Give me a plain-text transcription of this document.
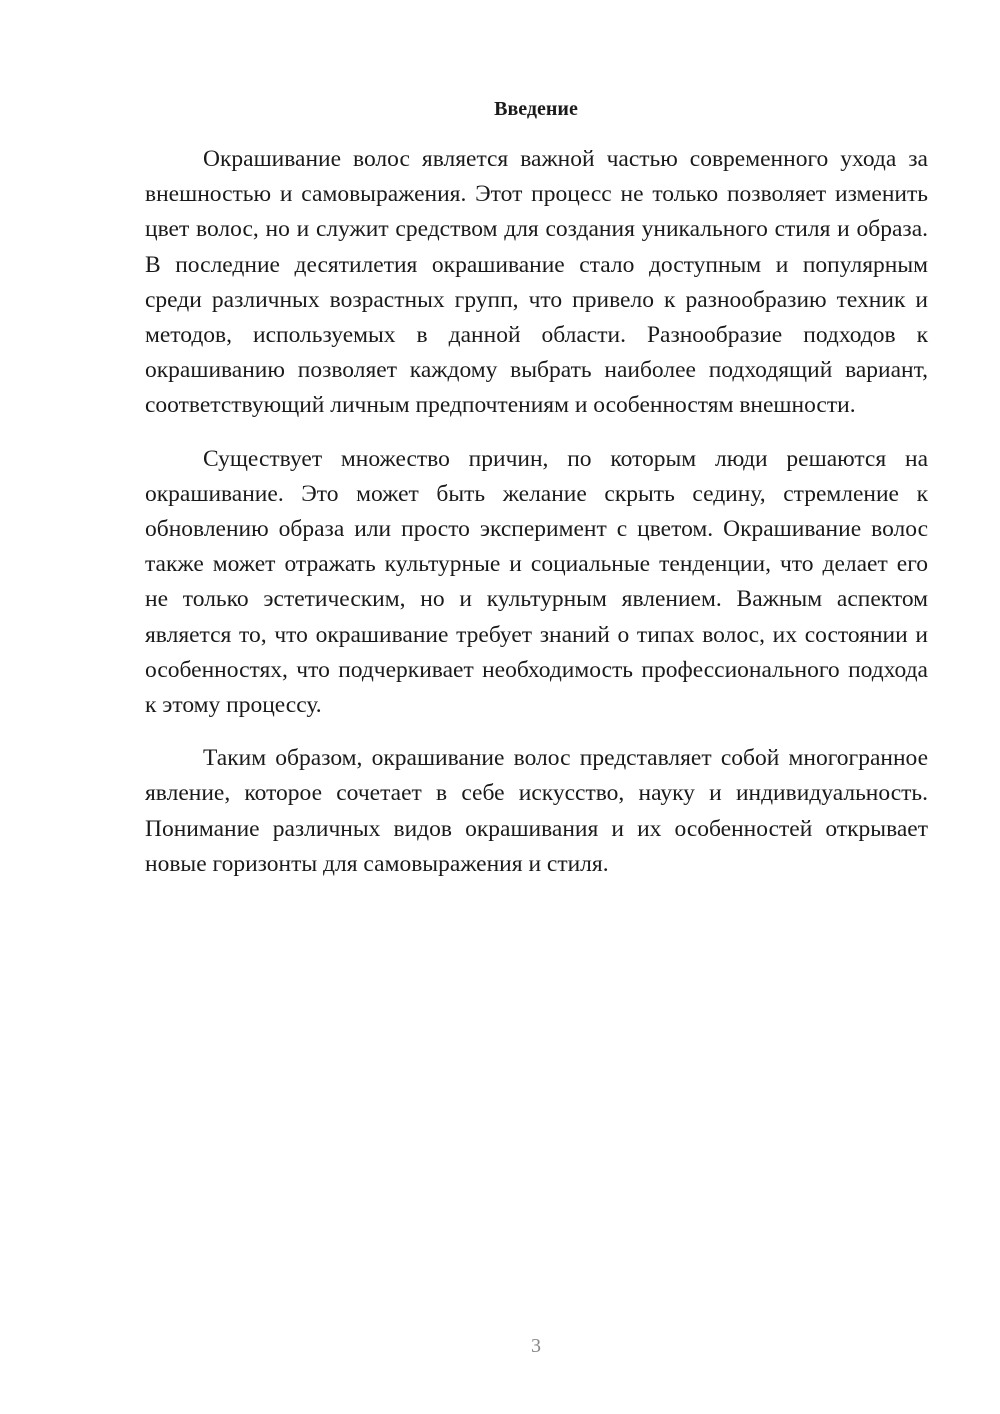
Введение

Окрашивание волос является важной частью современного ухода за внешностью и самовыражения. Этот процесс не только позволяет изменить цвет волос, но и служит средством для создания уникального стиля и образа. В последние десятилетия окрашивание стало доступным и популярным среди различных возрастных групп, что привело к разнообразию техник и методов, используемых в данной области. Разнообразие подходов к окрашиванию позволяет каждому выбрать наиболее подходящий вариант, соответствующий личным предпочтениям и особенностям внешности.

Существует множество причин, по которым люди решаются на окрашивание. Это может быть желание скрыть седину, стремление к обновлению образа или просто эксперимент с цветом. Окрашивание волос также может отражать культурные и социальные тенденции, что делает его не только эстетическим, но и культурным явлением. Важным аспектом является то, что окрашивание требует знаний о типах волос, их состоянии и особенностях, что подчеркивает необходимость профессионального подхода к этому процессу.

Таким образом, окрашивание волос представляет собой многогранное явление, которое сочетает в себе искусство, науку и индивидуальность. Понимание различных видов окрашивания и их особенностей открывает новые горизонты для самовыражения и стиля.

3
